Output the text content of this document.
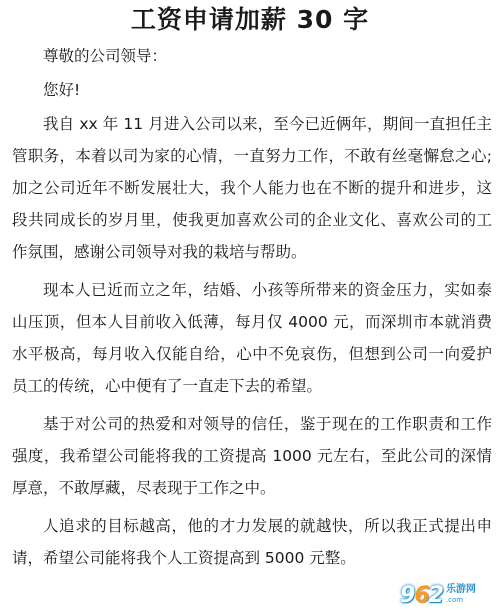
工资申请加薪 30 字

尊敬的公司领导：

您好!

我自 xx 年 11 月进入公司以来，至今已近俩年，期间一直担任主管职务，本着以司为家的心情，一直努力工作，不敢有丝毫懈怠之心;加之公司近年不断发展壮大，我个人能力也在不断的提升和进步，这段共同成长的岁月里，使我更加喜欢公司的企业文化、喜欢公司的工作氛围，感谢公司领导对我的栽培与帮助。

现本人已近而立之年，结婚、小孩等所带来的资金压力，实如泰山压顶，但本人目前收入低薄，每月仅 4000 元，而深圳市本就消费水平极高，每月收入仅能自给，心中不免哀伤，但想到公司一向爱护员工的传统，心中便有了一直走下去的希望。

基于对公司的热爱和对领导的信任，鉴于现在的工作职责和工作强度，我希望公司能将我的工资提高 1000 元左右，至此公司的深情厚意，不敢厚藏，尽表现于工作之中。

人追求的目标越高，他的才力发展的就越快，所以我正式提出申请，希望公司能将我个人工资提高到 5000 元整。

962 乐游网
.com
